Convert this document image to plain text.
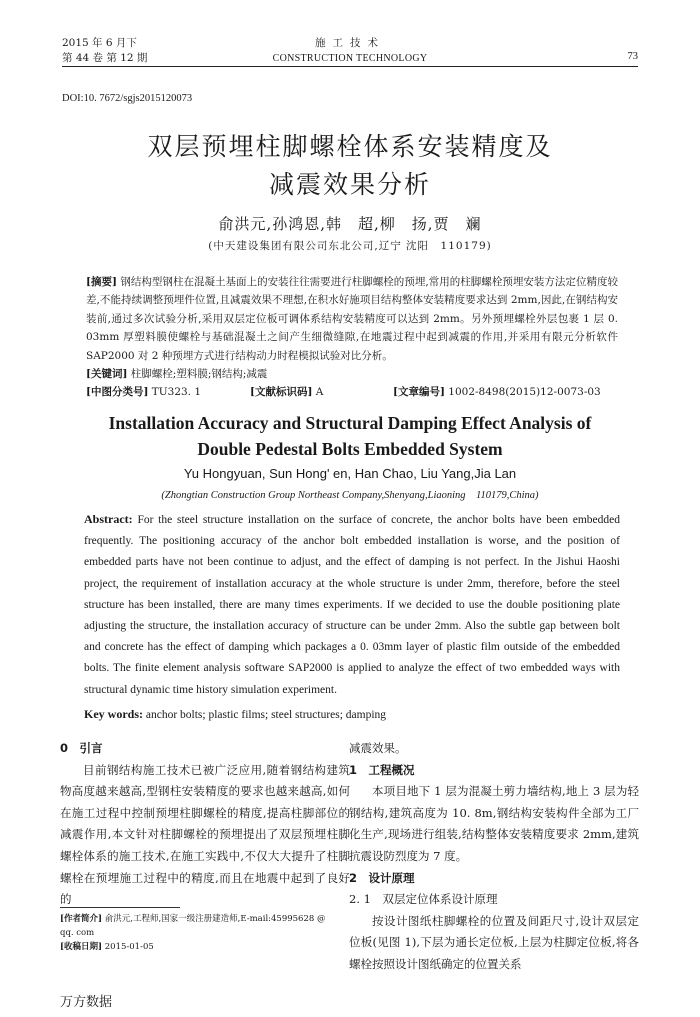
2015 年 6 月下
第 44 卷 第 12 期
施工技术
CONSTRUCTION TECHNOLOGY	73
DOI:10. 7672/sgjs2015120073
双层预埋柱脚螺栓体系安装精度及
减震效果分析
俞洪元,孙鸿恩,韩　超,柳　扬,贾　斓
(中天建设集团有限公司东北公司,辽宁 沈阳　110179)
[摘要] 钢结构型钢柱在混凝土基面上的安装往往需要进行柱脚螺栓的预埋,常用的柱脚螺栓预埋安装方法定位精度较差,不能持续调整预埋件位置,且减震效果不理想,在积水好施项目结构整体安装精度要求达到 2mm,因此,在钢结构安装前,通过多次试验分析,采用双层定位板可调体系结构安装精度可以达到 2mm。另外预埋螺栓外层包裹 1 层 0. 03mm 厚塑料膜使螺栓与基础混凝土之间产生细微缝隙,在地震过程中起到减震的作用,并采用有限元分析软件 SAP2000 对 2 种预埋方式进行结构动力时程模拟试验对比分析。
[关键词] 柱脚螺栓;塑料膜;钢结构;减震
[中图分类号] TU323. 1	[文献标识码] A	[文章编号] 1002-8498(2015)12-0073-03
Installation Accuracy and Structural Damping Effect Analysis of
Double Pedestal Bolts Embedded System
Yu Hongyuan, Sun Hong' en, Han Chao, Liu Yang,Jia Lan
(Zhongtian Construction Group Northeast Company,Shenyang,Liaoning　110179,China)
Abstract: For the steel structure installation on the surface of concrete, the anchor bolts have been embedded frequently. The positioning accuracy of the anchor bolt embedded installation is worse, and the position of embedded parts have not been continue to adjust, and the effect of damping is not perfect. In the Jishui Haoshi project, the requirement of installation accuracy at the whole structure is under 2mm, therefore, before the steel structure has been installed, there are many times experiments. If we decided to use the double positioning plate adjusting the structure, the installation accuracy of structure can be under 2mm. Also the subtle gap between bolt and concrete has the effect of damping which packages a 0. 03mm layer of plastic film outside of the embedded bolts. The finite element analysis software SAP2000 is applied to analyze the effect of two embedded ways with structural dynamic time history simulation experiment.
Key words: anchor bolts; plastic films; steel structures; damping
0　引言
目前钢结构施工技术已被广泛应用,随着钢结构建筑物高度越来越高,型钢柱安装精度的要求也越来越高,如何在施工过程中控制预埋柱脚螺栓的精度,提高柱脚部位的减震作用,本文针对柱脚螺栓的预埋提出了双层预埋柱脚螺栓体系的施工技术,在施工实践中,不仅大大提升了柱脚螺栓在预埋施工过程中的精度,而且在地震中起到了良好的
减震效果。
1　工程概况
本项目地下 1 层为混凝土剪力墙结构,地上 3 层为轻钢结构,建筑高度为 10. 8m,钢结构安装构件全部为工厂化生产,现场进行组装,结构整体安装精度要求 2mm,建筑抗震设防烈度为 7 度。
2　设计原理
2. 1　双层定位体系设计原理
按设计图纸柱脚螺栓的位置及间距尺寸,设计双层定位板(见图 1),下层为通长定位板,上层为柱脚定位板,将各螺栓按照设计图纸确定的位置关系
[作者简介] 俞洪元,工程师,国家一级注册建造师,E-mail:45995628 @ qq. com
[收稿日期] 2015-01-05
万方数据
